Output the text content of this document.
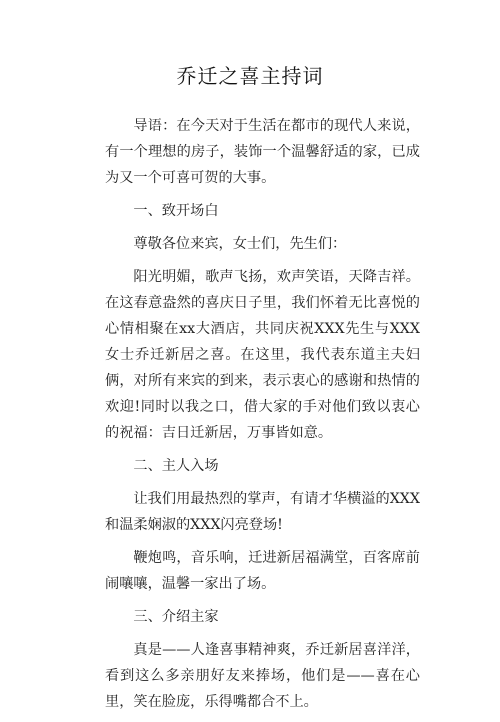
乔迁之喜主持词

导语：在今天对于生活在都市的现代人来说，有一个理想的房子，装饰一个温馨舒适的家，已成为又一个可喜可贺的大事。

一、致开场白

尊敬各位来宾，女士们，先生们：

阳光明媚，歌声飞扬，欢声笑语，天降吉祥。在这春意盎然的喜庆日子里，我们怀着无比喜悦的心情相聚在xx大酒店，共同庆祝XXX先生与XXX女士乔迁新居之喜。在这里，我代表东道主夫妇俩，对所有来宾的到来，表示衷心的感谢和热情的欢迎!同时以我之口，借大家的手对他们致以衷心的祝福：吉日迁新居，万事皆如意。

二、主人入场

让我们用最热烈的掌声，有请才华横溢的XXX和温柔娴淑的XXX闪亮登场!

鞭炮鸣，音乐响，迁进新居福满堂，百客席前闹嚷嚷，温馨一家出了场。

三、介绍主家

真是——人逢喜事精神爽，乔迁新居喜洋洋，看到这么多亲朋好友来捧场，他们是——喜在心里，笑在脸庞，乐得嘴都合不上。
